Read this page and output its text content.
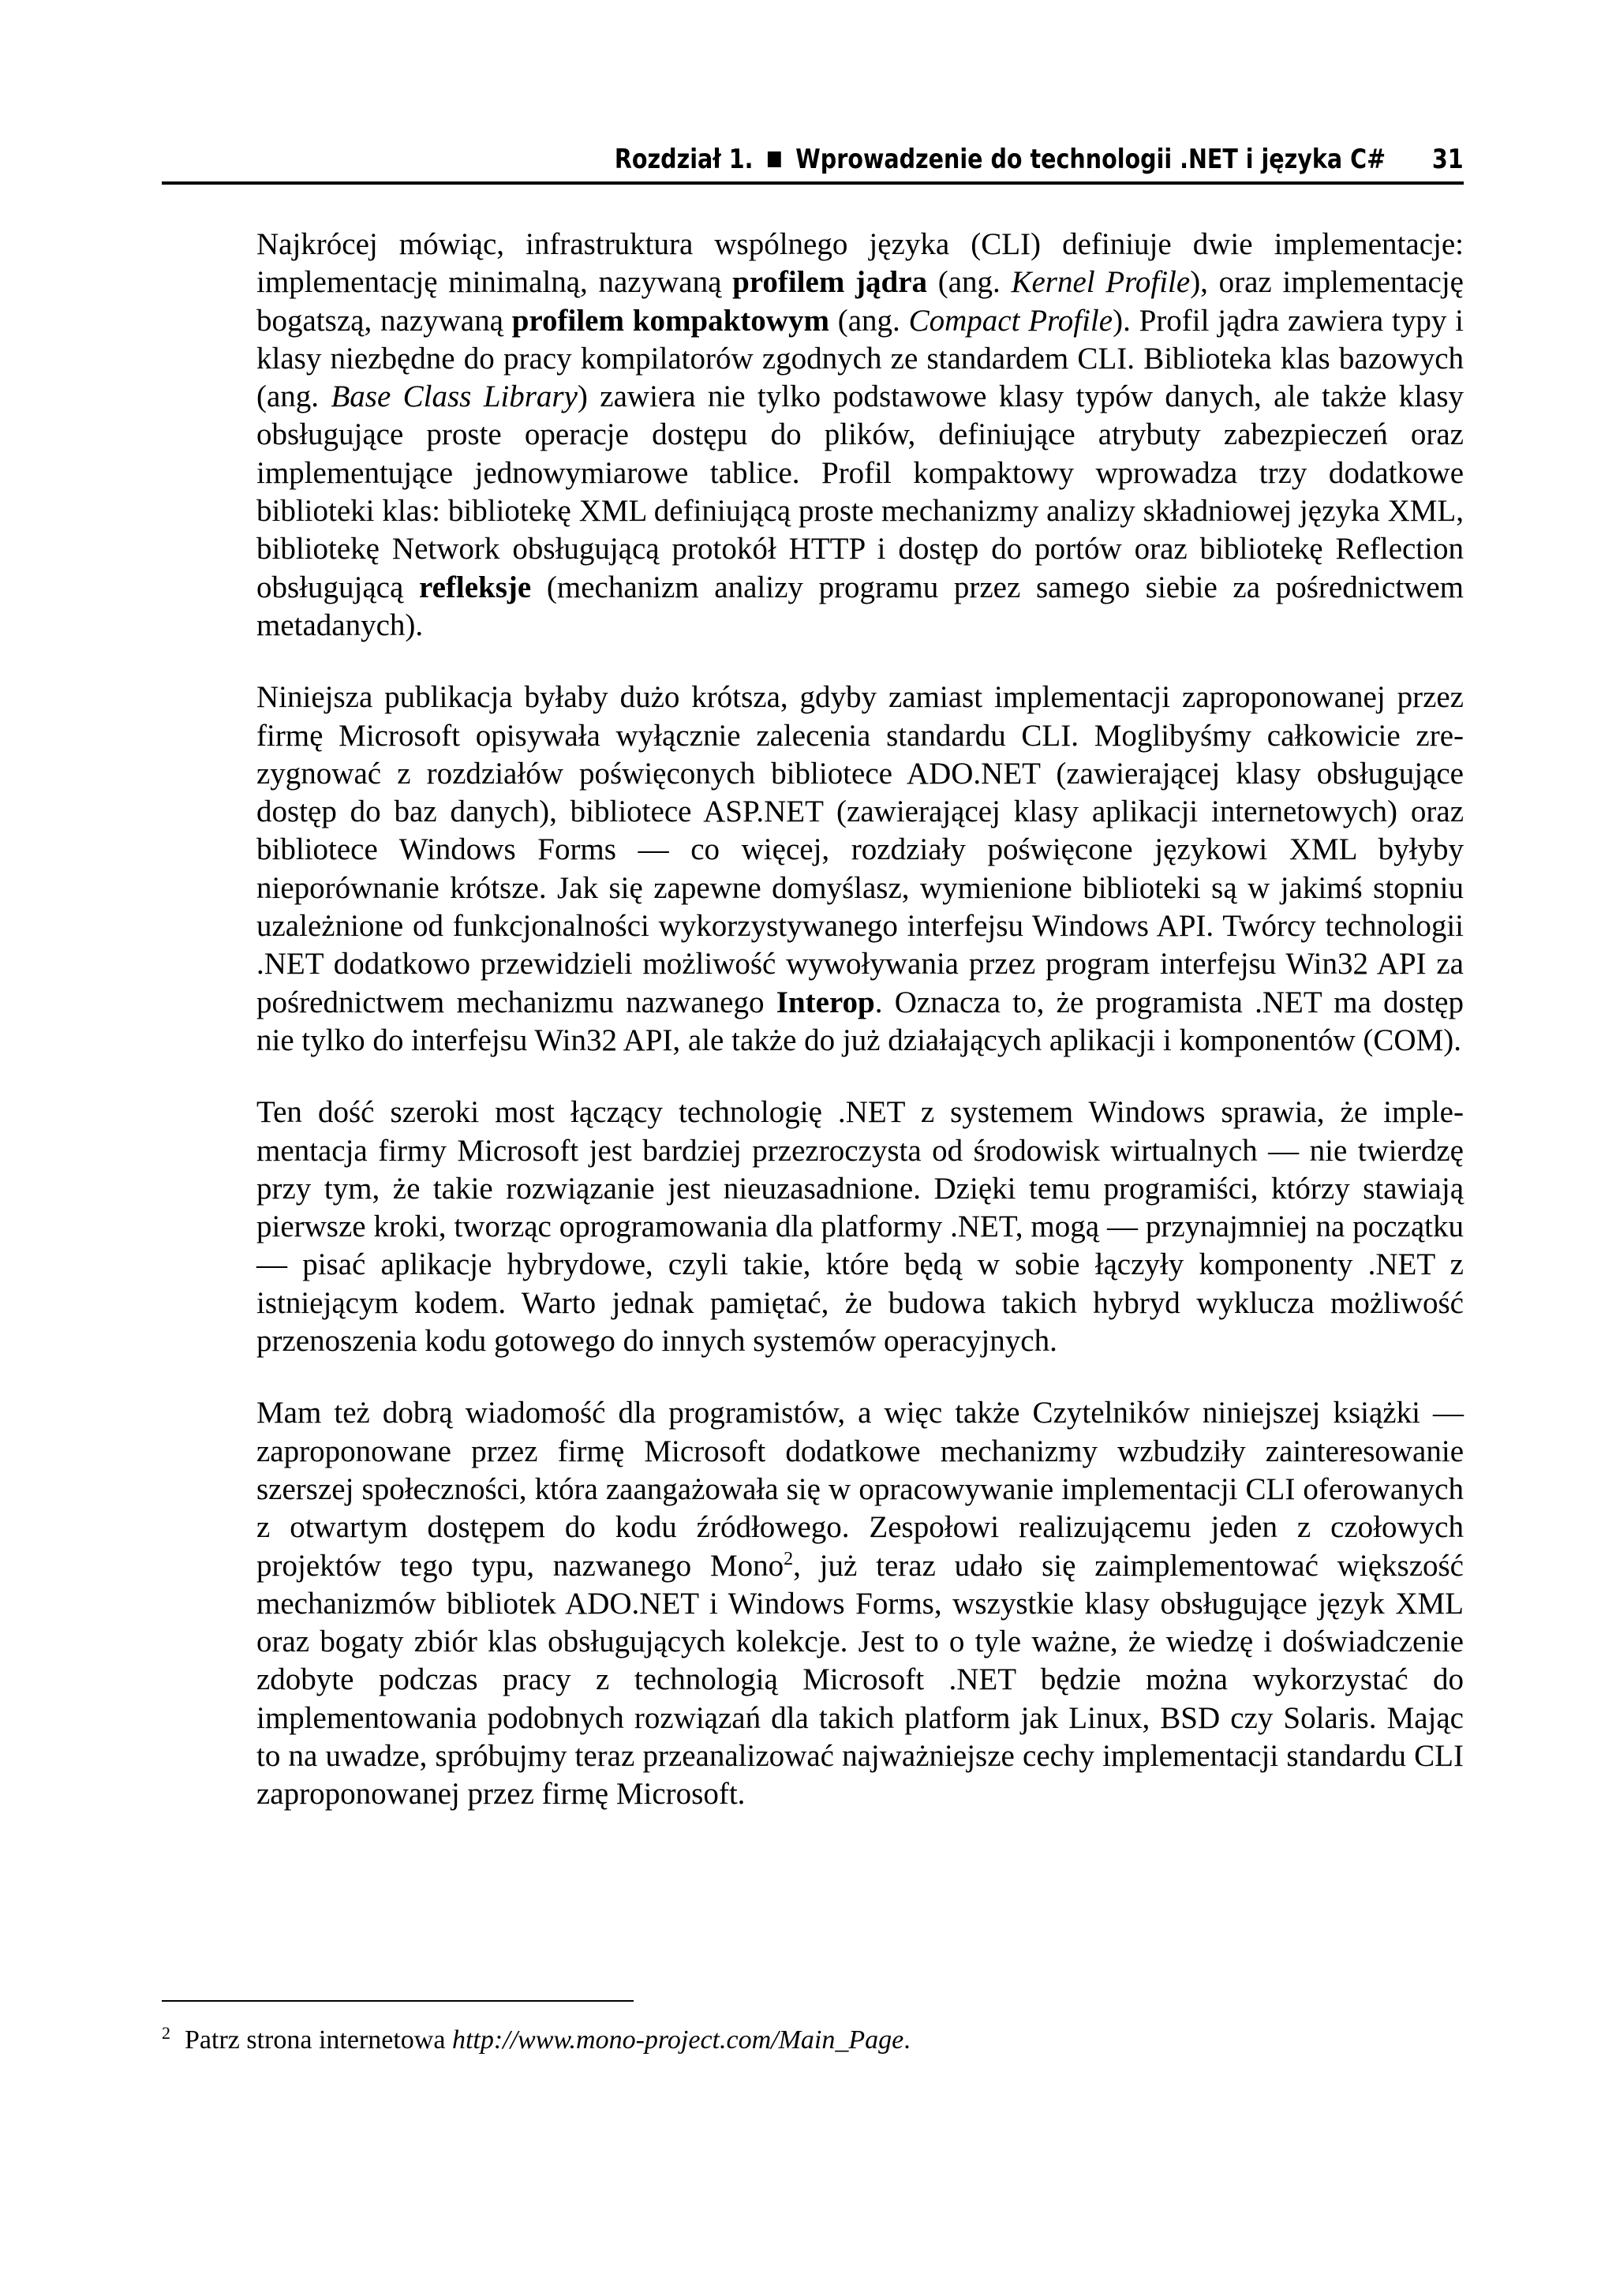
Rozdział 1. Wprowadzenie do technologii .NET i języka C# 31

Najkrócej mówiąc, infrastruktura wspólnego języka (CLI) definiuje dwie implementacje: implementację minimalną, nazywaną profilem jądra (ang. Kernel Profile), oraz implementację bogatszą, nazywaną profilem kompaktowym (ang. Compact Profile). Profil jądra zawiera typy i klasy niezbędne do pracy kompilatorów zgodnych ze standardem CLI. Biblioteka klas bazowych (ang. Base Class Library) zawiera nie tylko podstawowe klasy typów danych, ale także klasy obsługujące proste operacje dostępu do plików, definiujące atrybuty zabezpieczeń oraz implementujące jednowymiarowe tablice. Profil kompaktowy wprowadza trzy dodatkowe biblioteki klas: bibliotekę XML definiującą proste mechanizmy analizy składniowej języka XML, bibliotekę Network obsługującą protokół HTTP i dostęp do portów oraz bibliotekę Reflection obsługującą refleksje (mechanizm analizy programu przez samego siebie za pośrednictwem metadanych).

Niniejsza publikacja byłaby dużo krótsza, gdyby zamiast implementacji zaproponowanej przez firmę Microsoft opisywała wyłącznie zalecenia standardu CLI. Moglibyśmy całkowicie zrezygnować z rozdziałów poświęconych bibliotece ADO.NET (zawierającej klasy obsługujące dostęp do baz danych), bibliotece ASP.NET (zawierającej klasy aplikacji internetowych) oraz bibliotece Windows Forms — co więcej, rozdziały poświęcone językowi XML byłyby nieporównanie krótsze. Jak się zapewne domyślasz, wymienione biblioteki są w jakimś stopniu uzależnione od funkcjonalności wykorzystywanego interfejsu Windows API. Twórcy technologii .NET dodatkowo przewidzieli możliwość wywoływania przez program interfejsu Win32 API za pośrednictwem mechanizmu nazwanego Interop. Oznacza to, że programista .NET ma dostęp nie tylko do interfejsu Win32 API, ale także do już działających aplikacji i komponentów (COM).

Ten dość szeroki most łączący technologię .NET z systemem Windows sprawia, że implementacja firmy Microsoft jest bardziej przezroczysta od środowisk wirtualnych — nie twierdzę przy tym, że takie rozwiązanie jest nieuzasadnione. Dzięki temu programiści, którzy stawiają pierwsze kroki, tworząc oprogramowania dla platformy .NET, mogą — przynajmniej na początku — pisać aplikacje hybrydowe, czyli takie, które będą w sobie łączyły komponenty .NET z istniejącym kodem. Warto jednak pamiętać, że budowa takich hybryd wyklucza możliwość przenoszenia kodu gotowego do innych systemów operacyjnych.

Mam też dobrą wiadomość dla programistów, a więc także Czytelników niniejszej książki — zaproponowane przez firmę Microsoft dodatkowe mechanizmy wzbudziły zainteresowanie szerszej społeczności, która zaangażowała się w opracowywanie implementacji CLI oferowanych z otwartym dostępem do kodu źródłowego. Zespołowi realizującemu jeden z czołowych projektów tego typu, nazwanego Mono$^2$, już teraz udało się zaimplementować większość mechanizmów bibliotek ADO.NET i Windows Forms, wszystkie klasy obsługujące język XML oraz bogaty zbiór klas obsługujących kolekcje. Jest to o tyle ważne, że wiedzę i doświadczenie zdobyte podczas pracy z technologią Microsoft .NET będzie można wykorzystać do implementowania podobnych rozwiązań dla takich platform jak Linux, BSD czy Solaris. Mając to na uwadze, spróbujmy teraz przeanalizować najważniejsze cechy implementacji standardu CLI zaproponowanej przez firmę Microsoft.

$^2$ Patrz strona internetowa http://www.mono-project.com/Main_Page.
